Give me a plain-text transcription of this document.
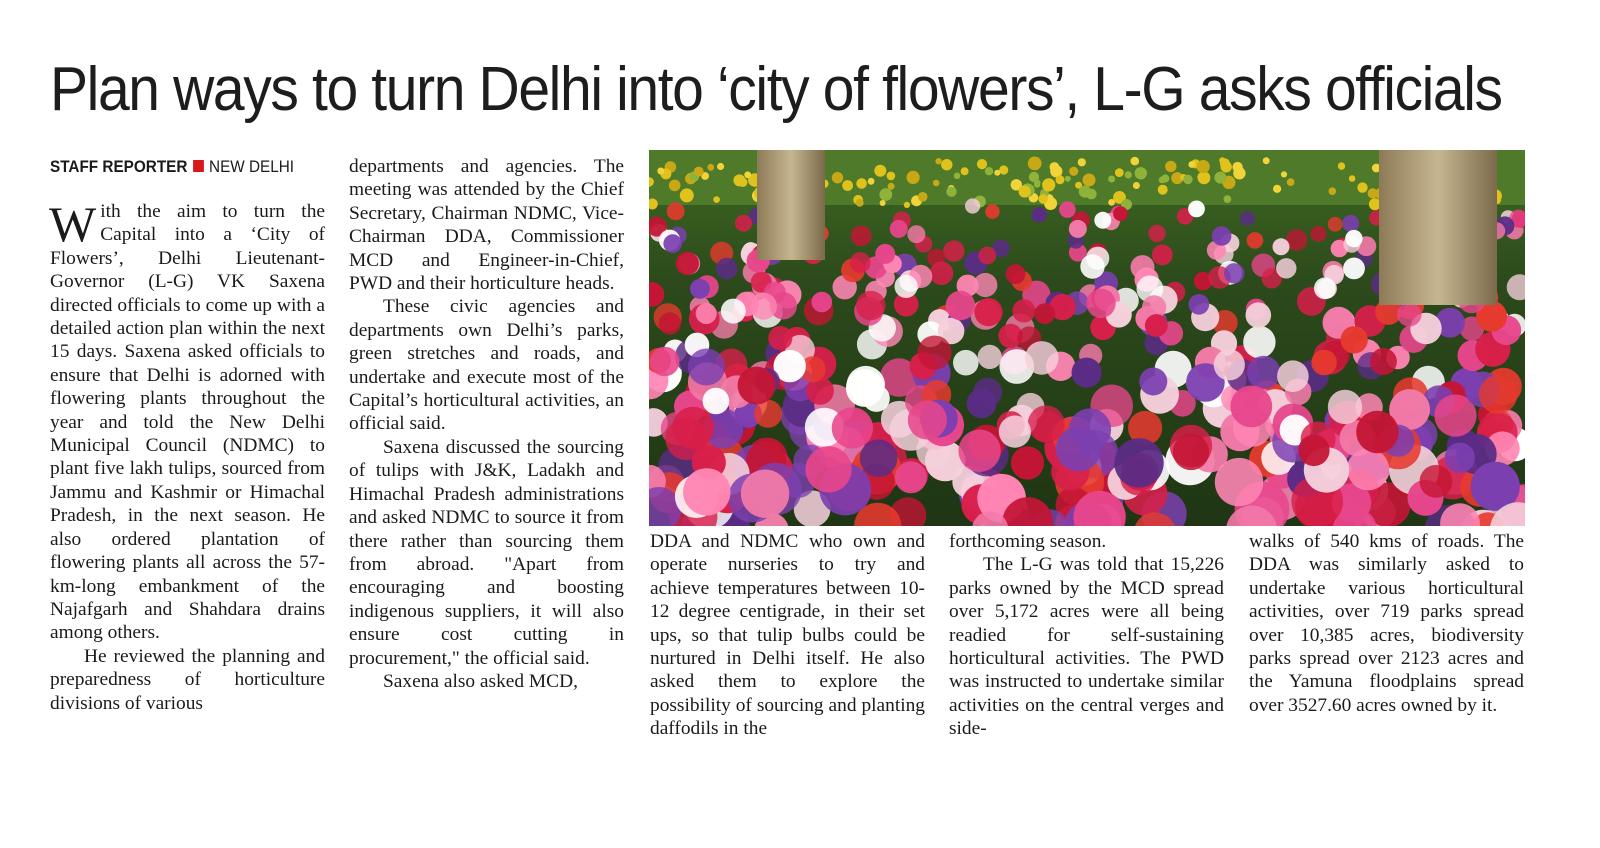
Plan ways to turn Delhi into ‘city of flowers’, L-G asks officials
STAFF REPORTER NEW DELHI

With the aim to turn the Capital into a ‘City of Flowers’, Delhi Lieutenant-Governor (L-G) VK Saxena directed officials to come up with a detailed action plan within the next 15 days. Saxena asked officials to ensure that Delhi is adorned with flowering plants throughout the year and told the New Delhi Municipal Council (NDMC) to plant five lakh tulips, sourced from Jammu and Kashmir or Himachal Pradesh, in the next season. He also ordered plantation of flowering plants all across the 57-km-long embankment of the Najafgarh and Shahdara drains among others.

He reviewed the planning and preparedness of horticulture divisions of various

departments and agencies. The meeting was attended by the Chief Secretary, Chairman NDMC, Vice-Chairman DDA, Commissioner MCD and Engineer-in-Chief, PWD and their horticulture heads.

These civic agencies and departments own Delhi’s parks, green stretches and roads, and undertake and execute most of the Capital’s horticultural activities, an official said.

Saxena discussed the sourcing of tulips with J&K, Ladakh and Himachal Pradesh administrations and asked NDMC to source it from there rather than sourcing them from abroad. "Apart from encouraging and boosting indigenous suppliers, it will also ensure cost cutting in procurement," the official said.

Saxena also asked MCD,

DDA and NDMC who own and operate nurseries to try and achieve temperatures between 10-12 degree centigrade, in their set ups, so that tulip bulbs could be nurtured in Delhi itself. He also asked them to explore the possibility of sourcing and planting daffodils in the

forthcoming season.

The L-G was told that 15,226 parks owned by the MCD spread over 5,172 acres were all being readied for self-sustaining horticultural activities. The PWD was instructed to undertake similar activities on the central verges and side-

walks of 540 kms of roads. The DDA was similarly asked to undertake various horticultural activities, over 719 parks spread over 10,385 acres, biodiversity parks spread over 2123 acres and the Yamuna floodplains spread over 3527.60 acres owned by it.
